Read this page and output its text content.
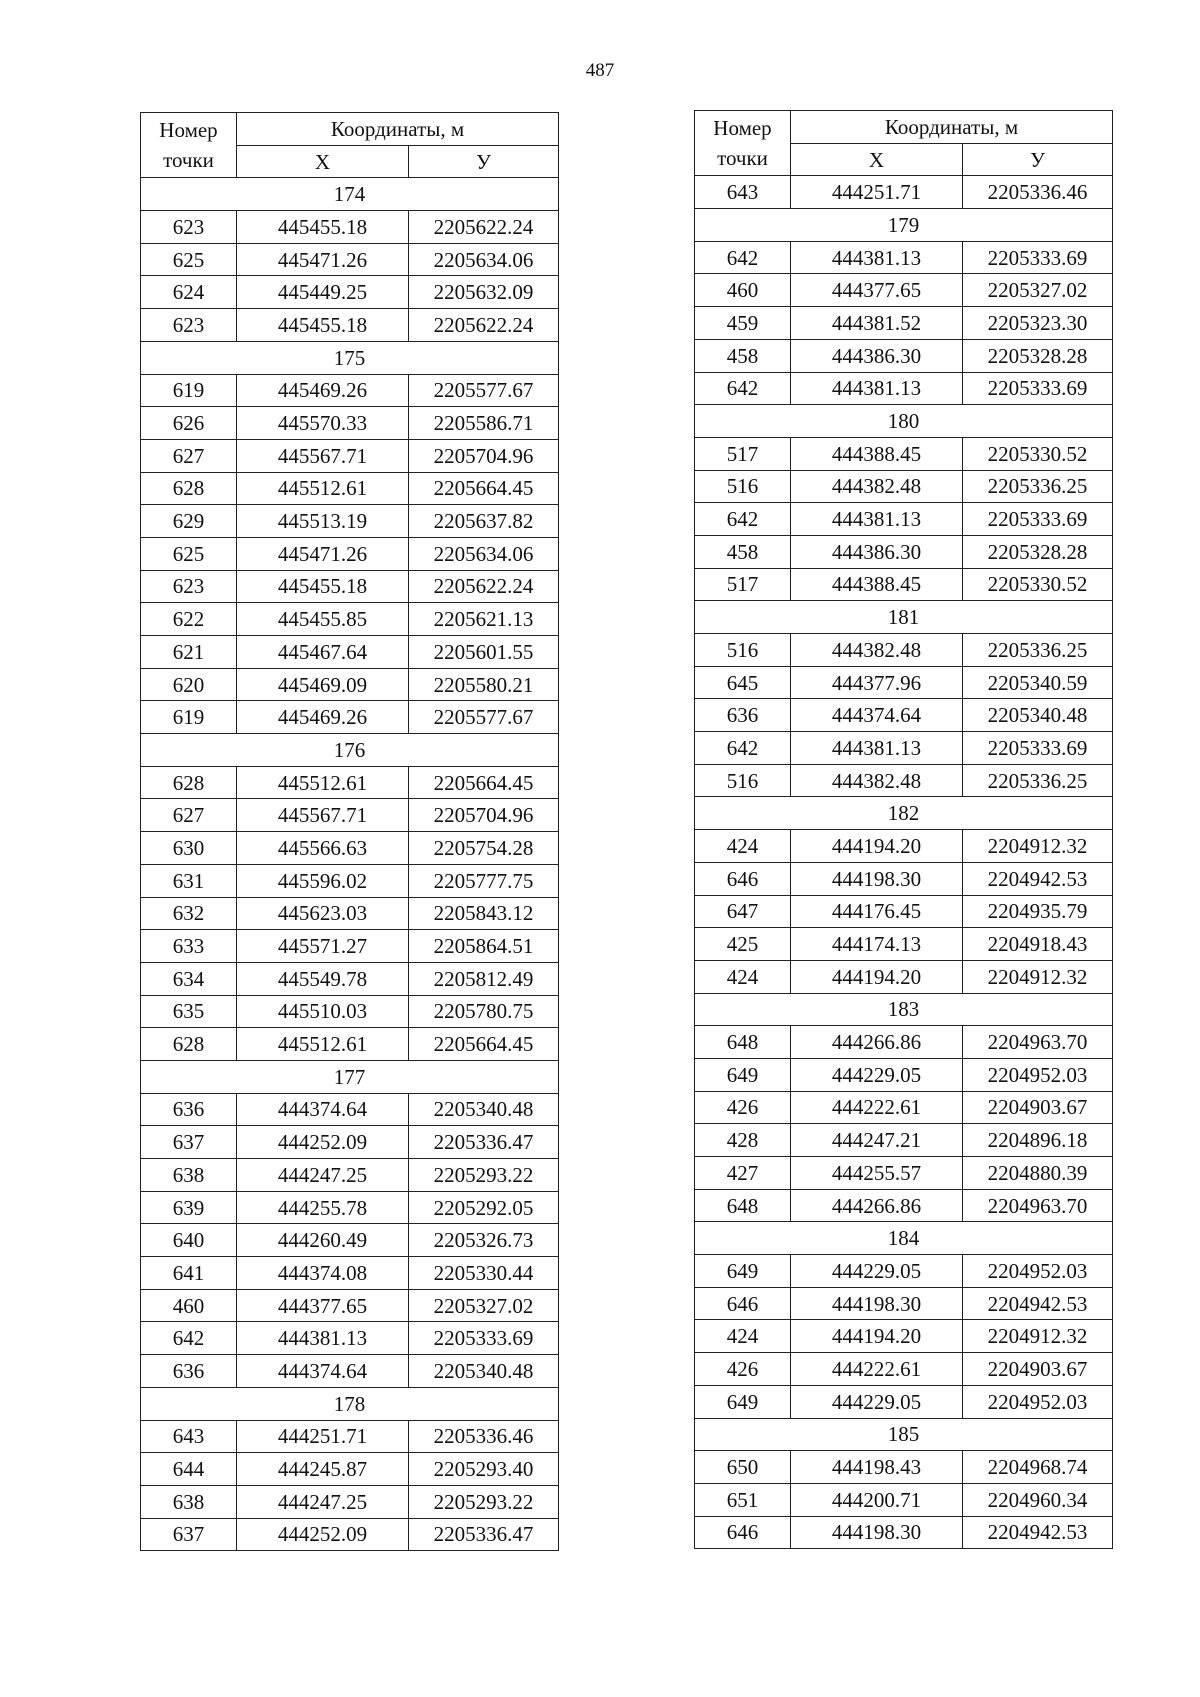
487
Номер
точки	Координаты, м	
	X	У
174		
623	445455.18	2205622.24
625	445471.26	2205634.06
624	445449.25	2205632.09
623	445455.18	2205622.24
175		
619	445469.26	2205577.67
626	445570.33	2205586.71
627	445567.71	2205704.96
628	445512.61	2205664.45
629	445513.19	2205637.82
625	445471.26	2205634.06
623	445455.18	2205622.24
622	445455.85	2205621.13
621	445467.64	2205601.55
620	445469.09	2205580.21
619	445469.26	2205577.67
176		
628	445512.61	2205664.45
627	445567.71	2205704.96
630	445566.63	2205754.28
631	445596.02	2205777.75
632	445623.03	2205843.12
633	445571.27	2205864.51
634	445549.78	2205812.49
635	445510.03	2205780.75
628	445512.61	2205664.45
177		
636	444374.64	2205340.48
637	444252.09	2205336.47
638	444247.25	2205293.22
639	444255.78	2205292.05
640	444260.49	2205326.73
641	444374.08	2205330.44
460	444377.65	2205327.02
642	444381.13	2205333.69
636	444374.64	2205340.48
178		
643	444251.71	2205336.46
644	444245.87	2205293.40
638	444247.25	2205293.22
637	444252.09	2205336.47
Номер
точки	Координаты, м	
	X	У
643	444251.71	2205336.46
179		
642	444381.13	2205333.69
460	444377.65	2205327.02
459	444381.52	2205323.30
458	444386.30	2205328.28
642	444381.13	2205333.69
180		
517	444388.45	2205330.52
516	444382.48	2205336.25
642	444381.13	2205333.69
458	444386.30	2205328.28
517	444388.45	2205330.52
181		
516	444382.48	2205336.25
645	444377.96	2205340.59
636	444374.64	2205340.48
642	444381.13	2205333.69
516	444382.48	2205336.25
182		
424	444194.20	2204912.32
646	444198.30	2204942.53
647	444176.45	2204935.79
425	444174.13	2204918.43
424	444194.20	2204912.32
183		
648	444266.86	2204963.70
649	444229.05	2204952.03
426	444222.61	2204903.67
428	444247.21	2204896.18
427	444255.57	2204880.39
648	444266.86	2204963.70
184		
649	444229.05	2204952.03
646	444198.30	2204942.53
424	444194.20	2204912.32
426	444222.61	2204903.67
649	444229.05	2204952.03
185		
650	444198.43	2204968.74
651	444200.71	2204960.34
646	444198.30	2204942.53
